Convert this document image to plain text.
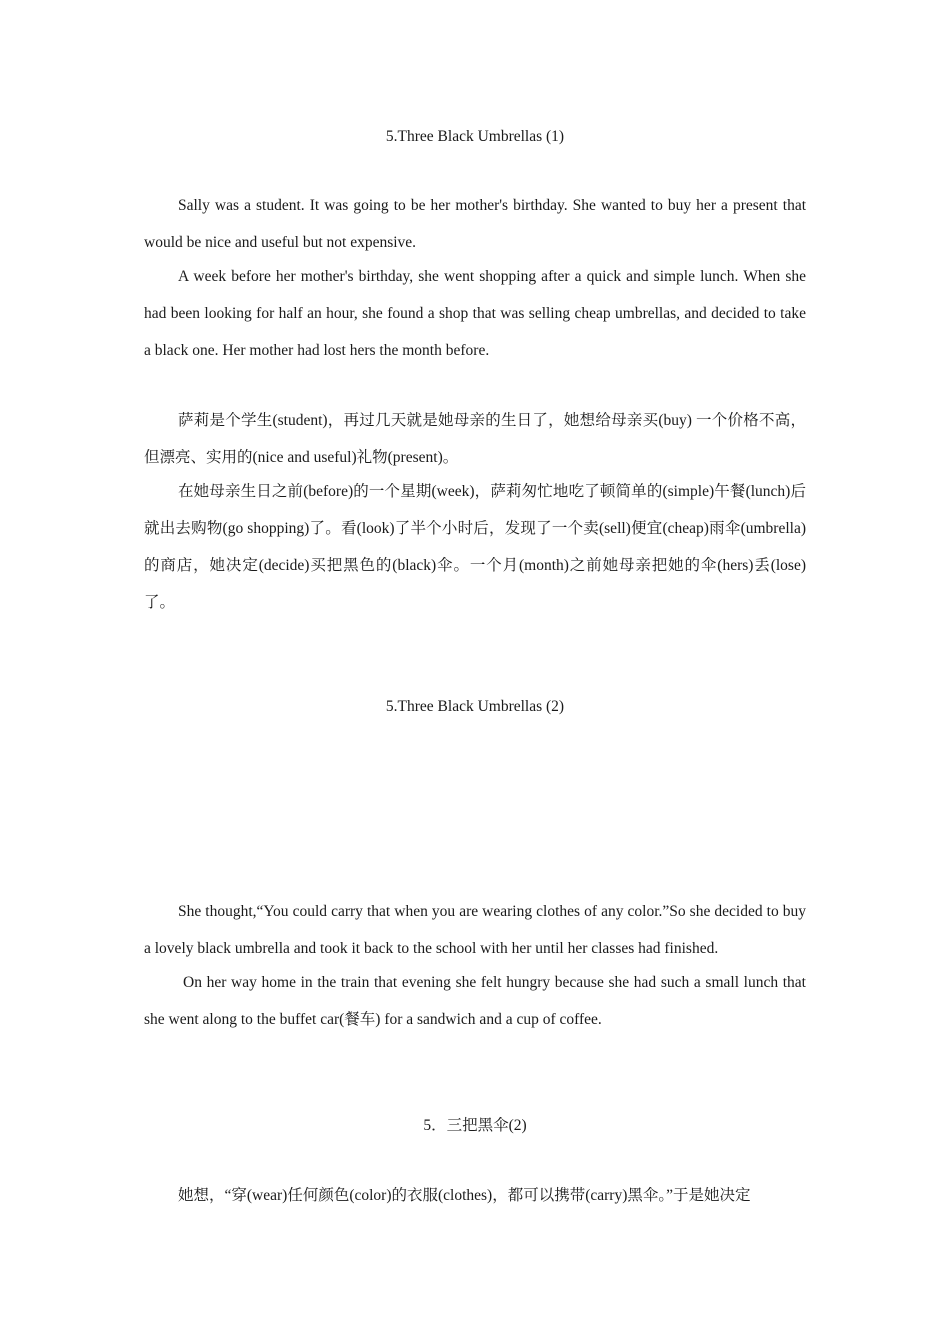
5.Three Black Umbrellas (1)

Sally was a student. It was going to be her mother's birthday. She wanted to buy her a present that would be nice and useful but not expensive.

A week before her mother's birthday, she went shopping after a quick and simple lunch. When she had been looking for half an hour, she found a shop that was selling cheap umbrellas, and decided to take a black one. Her mother had lost hers the month before.

萨莉是个学生(student)，再过几天就是她母亲的生日了，她想给母亲买(buy) 一个价格不高，但漂亮、实用的(nice and useful)礼物(present)。

在她母亲生日之前(before)的一个星期(week)，萨莉匆忙地吃了顿简单的(simple)午餐(lunch)后就出去购物(go shopping)了。看(look)了半个小时后，发现了一个卖(sell)便宜(cheap)雨伞(umbrella)的商店，她决定(decide)买把黑色的(black)伞。一个月(month)之前她母亲把她的伞(hers)丢(lose)了。

5.Three Black Umbrellas (2)

She thought,“You could carry that when you are wearing clothes of any color.”So she decided to buy a lovely black umbrella and took it back to the school with her until her classes had finished.

On her way home in the train that evening she felt hungry because she had such a small lunch that she went along to the buffet car(餐车) for a sandwich and a cup of coffee.

5．三把黑伞(2)

她想，“穿(wear)任何颜色(color)的衣服(clothes)，都可以携带(carry)黑伞。”于是她决定
